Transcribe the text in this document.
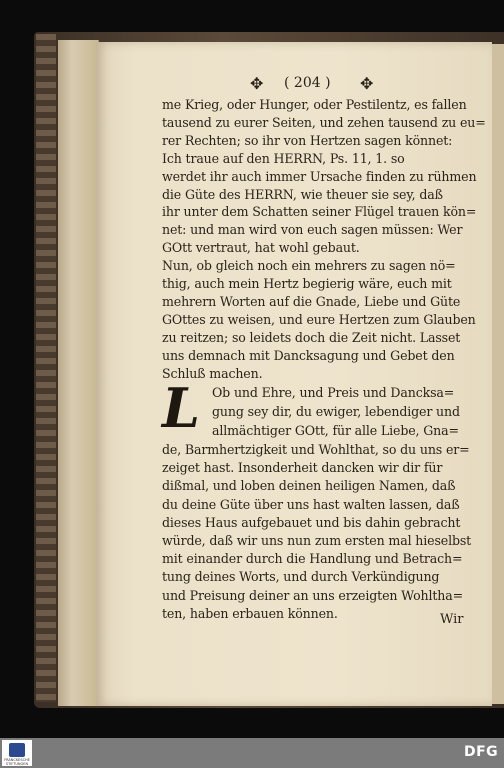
✥ ( 204 ) ✥
me Krieg, oder Hunger, oder Pestilentz, es fallen
tausend zu eurer Seiten, und zehen tausend zu eu=
rer Rechten; so ihr von Hertzen sagen könnet:
Ich traue auf den HERRN, Ps. 11, 1. so
werdet ihr auch immer Ursache finden zu rühmen
die Güte des HERRN, wie theuer sie sey, daß
ihr unter dem Schatten seiner Flügel trauen kön=
net: und man wird von euch sagen müssen: Wer
GOtt vertraut, hat wohl gebaut.
Nun, ob gleich noch ein mehrers zu sagen nö=
thig, auch mein Hertz begierig wäre, euch mit
mehrern Worten auf die Gnade, Liebe und Güte
GOttes zu weisen, und eure Hertzen zum Glauben
zu reitzen; so leidets doch die Zeit nicht. Lasset
uns demnach mit Dancksagung und Gebet den
Schluß machen.
L Ob und Ehre, und Preis und Dancksa=
gung sey dir, du ewiger, lebendiger und
allmächtiger GOtt, für alle Liebe, Gna=
de, Barmhertzigkeit und Wohlthat, so du uns er=
zeiget hast. Insonderheit dancken wir dir für
dißmal, und loben deinen heiligen Namen, daß
du deine Güte über uns hast walten lassen, daß
dieses Haus aufgebauet und bis dahin gebracht
würde, daß wir uns nun zum ersten mal hieselbst
mit einander durch die Handlung und Betrach=
tung deines Worts, und durch Verkündigung
und Preisung deiner an uns erzeigten Wohltha=
ten, haben erbauen können.	Wir
FRANCKESCHE STIFTUNGEN
DFG
